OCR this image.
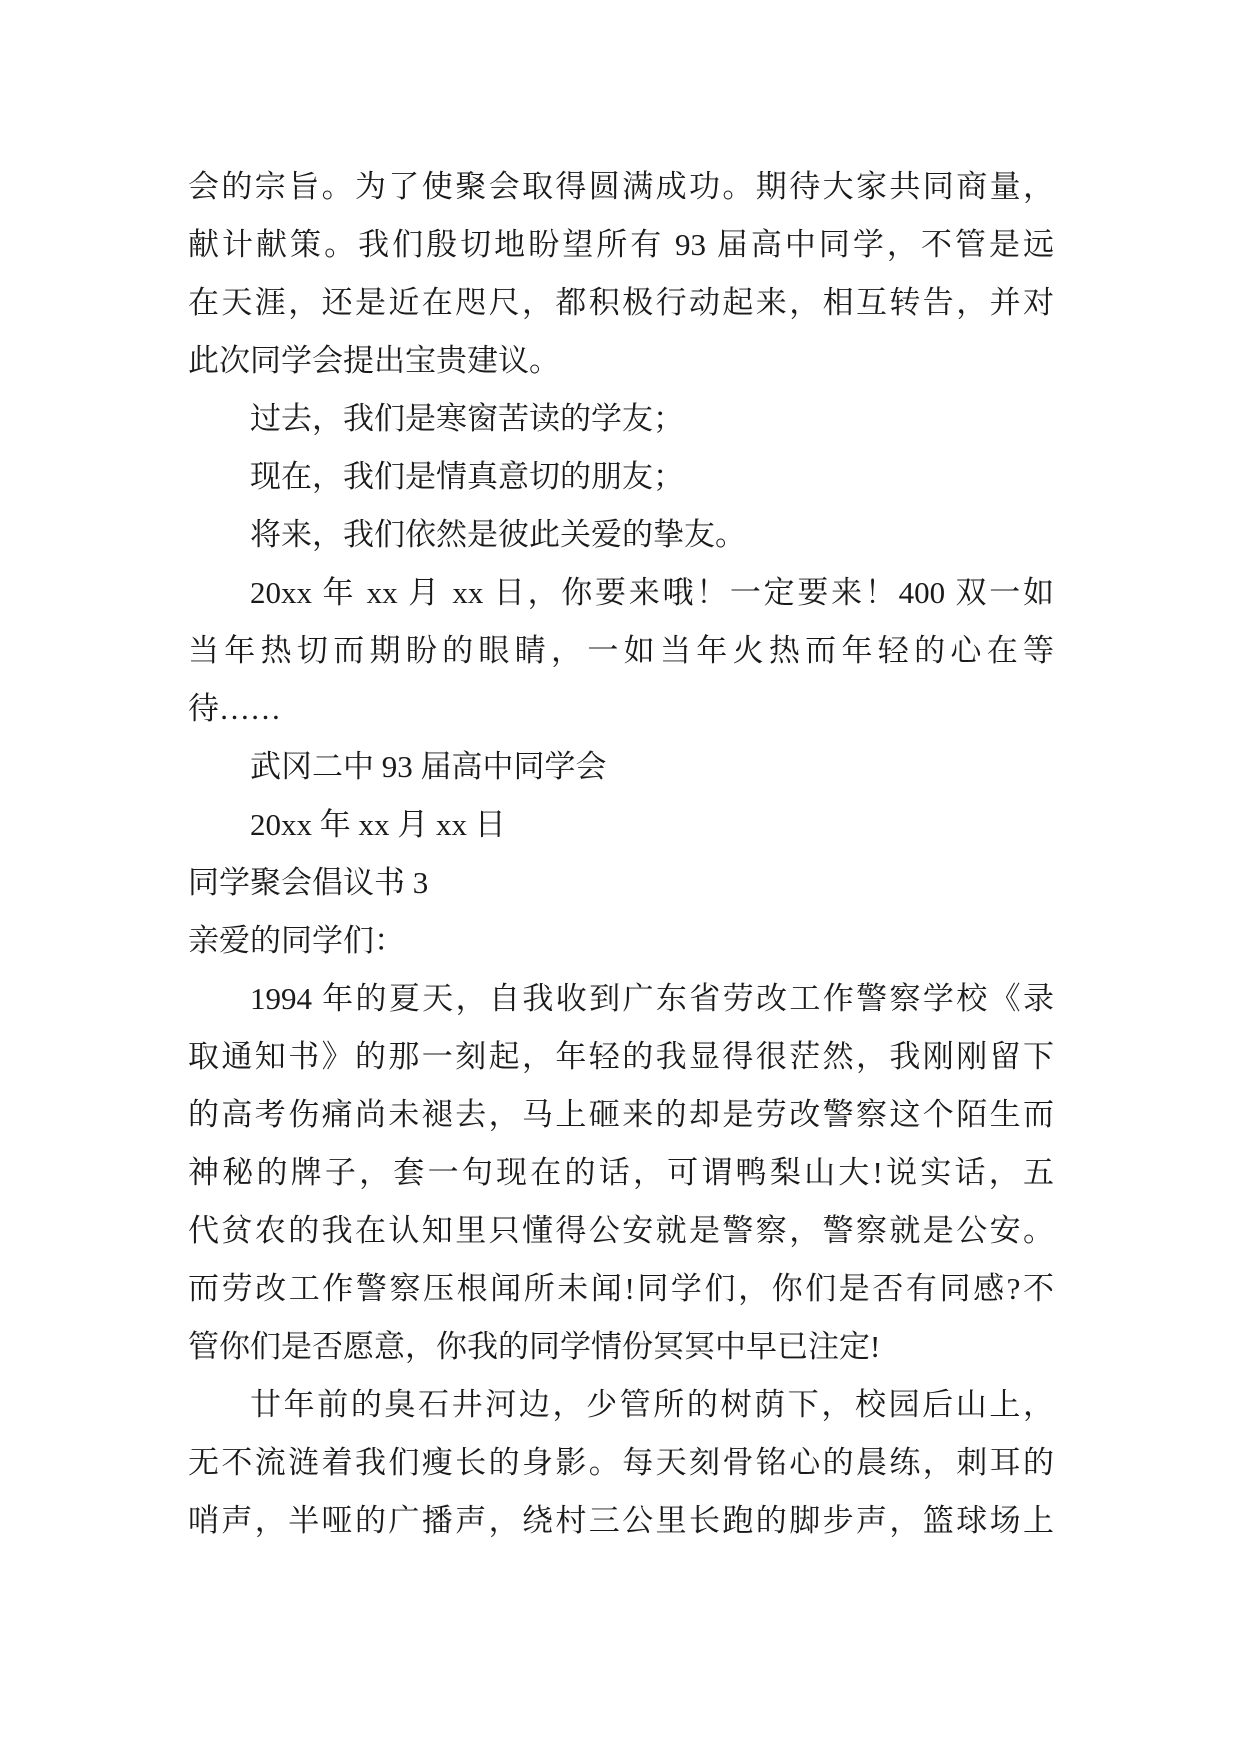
会的宗旨。为了使聚会取得圆满成功。期待大家共同商量，
献计献策。我们殷切地盼望所有 93 届高中同学，不管是远
在天涯，还是近在咫尺，都积极行动起来，相互转告，并对
此次同学会提出宝贵建议。
过去，我们是寒窗苦读的学友；
现在，我们是情真意切的朋友；
将来，我们依然是彼此关爱的挚友。
20xx 年 xx 月 xx 日，你要来哦！一定要来！400 双一如
当年热切而期盼的眼睛，一如当年火热而年轻的心在等
待……
武冈二中 93 届高中同学会
20xx 年 xx 月 xx 日
同学聚会倡议书 3
亲爱的同学们：
1994 年的夏天，自我收到广东省劳改工作警察学校《录
取通知书》的那一刻起，年轻的我显得很茫然，我刚刚留下
的高考伤痛尚未褪去，马上砸来的却是劳改警察这个陌生而
神秘的牌子，套一句现在的话，可谓鸭梨山大!说实话，五
代贫农的我在认知里只懂得公安就是警察，警察就是公安。
而劳改工作警察压根闻所未闻!同学们，你们是否有同感?不
管你们是否愿意，你我的同学情份冥冥中早已注定!
廿年前的臭石井河边，少管所的树荫下，校园后山上，
无不流涟着我们瘦长的身影。每天刻骨铭心的晨练，刺耳的
哨声，半哑的广播声，绕村三公里长跑的脚步声，篮球场上
